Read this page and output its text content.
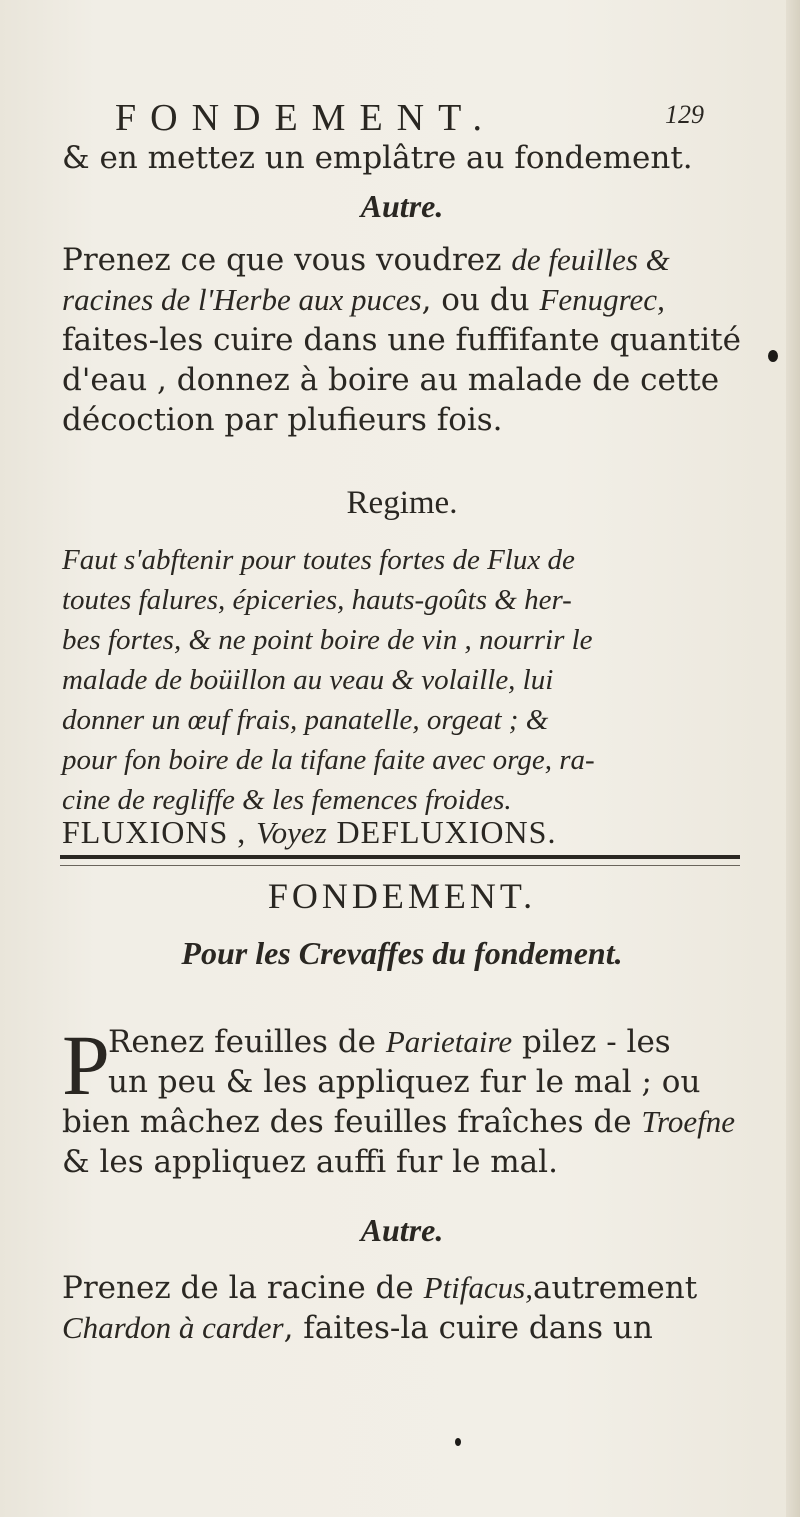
FONDEMENT.	129
& en mettez un emplâtre au fondement.
Autre.
Prenez ce que vous voudrez de feuilles &
racines de l'Herbe aux puces, ou du Fenugrec,
faites-les cuire dans une fuffifante quantité
d'eau , donnez à boire au malade de cette
décoction par plufieurs fois.
Regime.
Faut s'abftenir pour toutes fortes de Flux de
toutes falures, épiceries, hauts-goûts & her-
bes fortes, & ne point boire de vin , nourrir le
malade de boüillon au veau & volaille, lui
donner un œuf frais, panatelle, orgeat ; &
pour fon boire de la tifane faite avec orge, ra-
cine de regliffe & les femences froides.
FLUXIONS , Voyez DEFLUXIONS.
FONDEMENT.
Pour les Crevaffes du fondement.
P
Renez feuilles de Parietaire pilez - les
un peu & les appliquez fur le mal ; ou
bien mâchez des feuilles fraîches de Troefne
& les appliquez auffi fur le mal.
Autre.
Prenez de la racine de Ptifacus,autrement
Chardon à carder, faites-la cuire dans un
